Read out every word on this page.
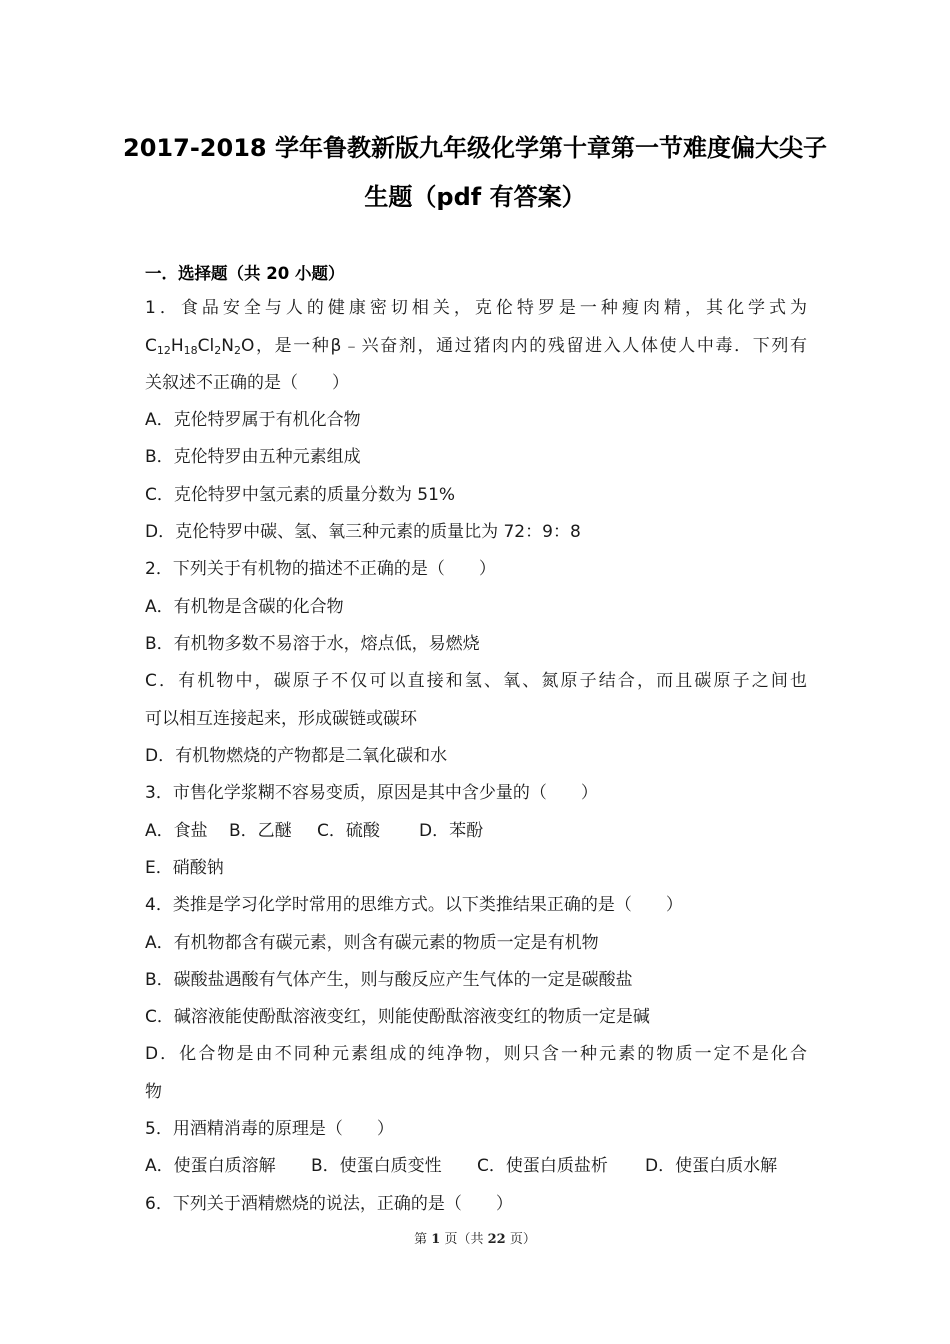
2017-2018 学年鲁教新版九年级化学第十章第一节难度偏大尖子
生题（pdf 有答案）
一．选择题（共 20 小题）
1．食品安全与人的健康密切相关，克伦特罗是一种瘦肉精，其化学式为
$C_{12}H_{18}Cl_2N_2O$，是一种β﹣兴奋剂，通过猪肉内的残留进入人体使人中毒．下列有
关叙述不正确的是（　　）
A．克伦特罗属于有机化合物
B．克伦特罗由五种元素组成
C．克伦特罗中氢元素的质量分数为 51%
D．克伦特罗中碳、氢、氧三种元素的质量比为 72：9：8
2．下列关于有机物的描述不正确的是（　　）
A．有机物是含碳的化合物
B．有机物多数不易溶于水，熔点低，易燃烧
C．有机物中，碳原子不仅可以直接和氢、氧、氮原子结合，而且碳原子之间也
可以相互连接起来，形成碳链或碳环
D．有机物燃烧的产物都是二氧化碳和水
3．市售化学浆糊不容易变质，原因是其中含少量的（　　）
A．食盐 B．乙醚 C．硫酸 D．苯酚
E．硝酸钠
4．类推是学习化学时常用的思维方式。以下类推结果正确的是（　　）
A．有机物都含有碳元素，则含有碳元素的物质一定是有机物
B．碳酸盐遇酸有气体产生，则与酸反应产生气体的一定是碳酸盐
C．碱溶液能使酚酞溶液变红，则能使酚酞溶液变红的物质一定是碱
D．化合物是由不同种元素组成的纯净物，则只含一种元素的物质一定不是化合
物
5．用酒精消毒的原理是（　　）
A．使蛋白质溶解 B．使蛋白质变性 C．使蛋白质盐析 D．使蛋白质水解
6．下列关于酒精燃烧的说法，正确的是（　　）
第 1 页（共 22 页）
